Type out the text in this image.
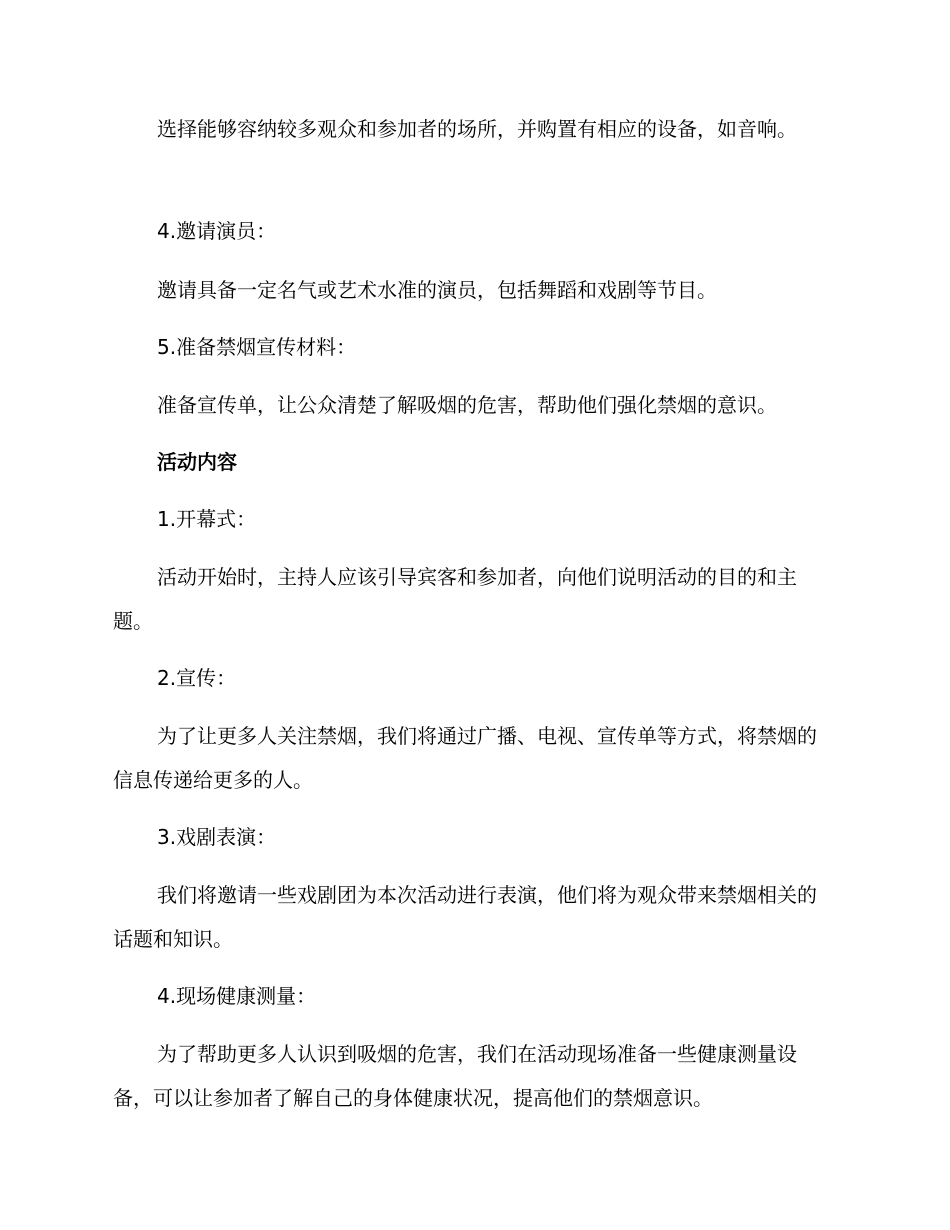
选择能够容纳较多观众和参加者的场所，并购置有相应的设备，如音响。

4.邀请演员：

邀请具备一定名气或艺术水准的演员，包括舞蹈和戏剧等节目。

5.准备禁烟宣传材料：

准备宣传单，让公众清楚了解吸烟的危害，帮助他们强化禁烟的意识。

活动内容

1.开幕式：

活动开始时，主持人应该引导宾客和参加者，向他们说明活动的目的和主题。

2.宣传：

为了让更多人关注禁烟，我们将通过广播、电视、宣传单等方式，将禁烟的信息传递给更多的人。

3.戏剧表演：

我们将邀请一些戏剧团为本次活动进行表演，他们将为观众带来禁烟相关的话题和知识。

4.现场健康测量：

为了帮助更多人认识到吸烟的危害，我们在活动现场准备一些健康测量设备，可以让参加者了解自己的身体健康状况，提高他们的禁烟意识。
